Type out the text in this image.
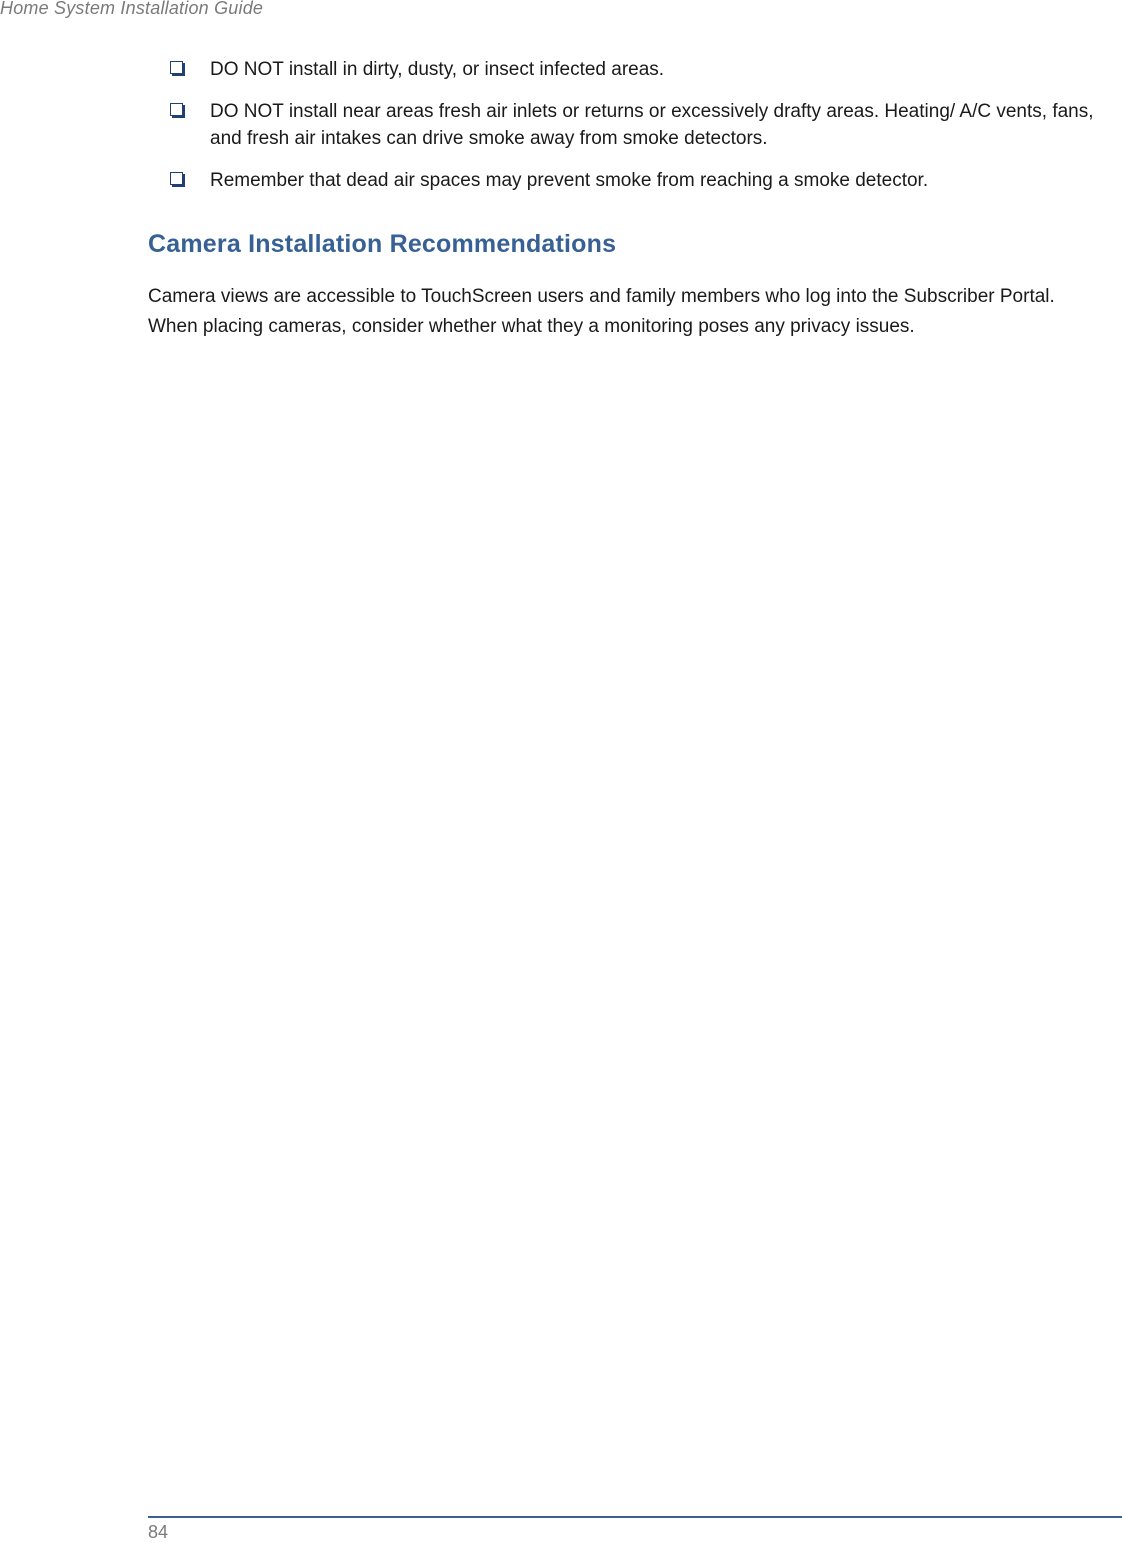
Home System Installation Guide
DO NOT install in dirty, dusty, or insect infected areas.
DO NOT install near areas fresh air inlets or returns or excessively drafty areas. Heating/ A/C vents, fans, and fresh air intakes can drive smoke away from smoke detectors.
Remember that dead air spaces may prevent smoke from reaching a smoke detector.
Camera Installation Recommendations

Camera views are accessible to TouchScreen users and family members who log into the Subscriber Portal. When placing cameras, consider whether what they a monitoring poses any privacy issues.

84
